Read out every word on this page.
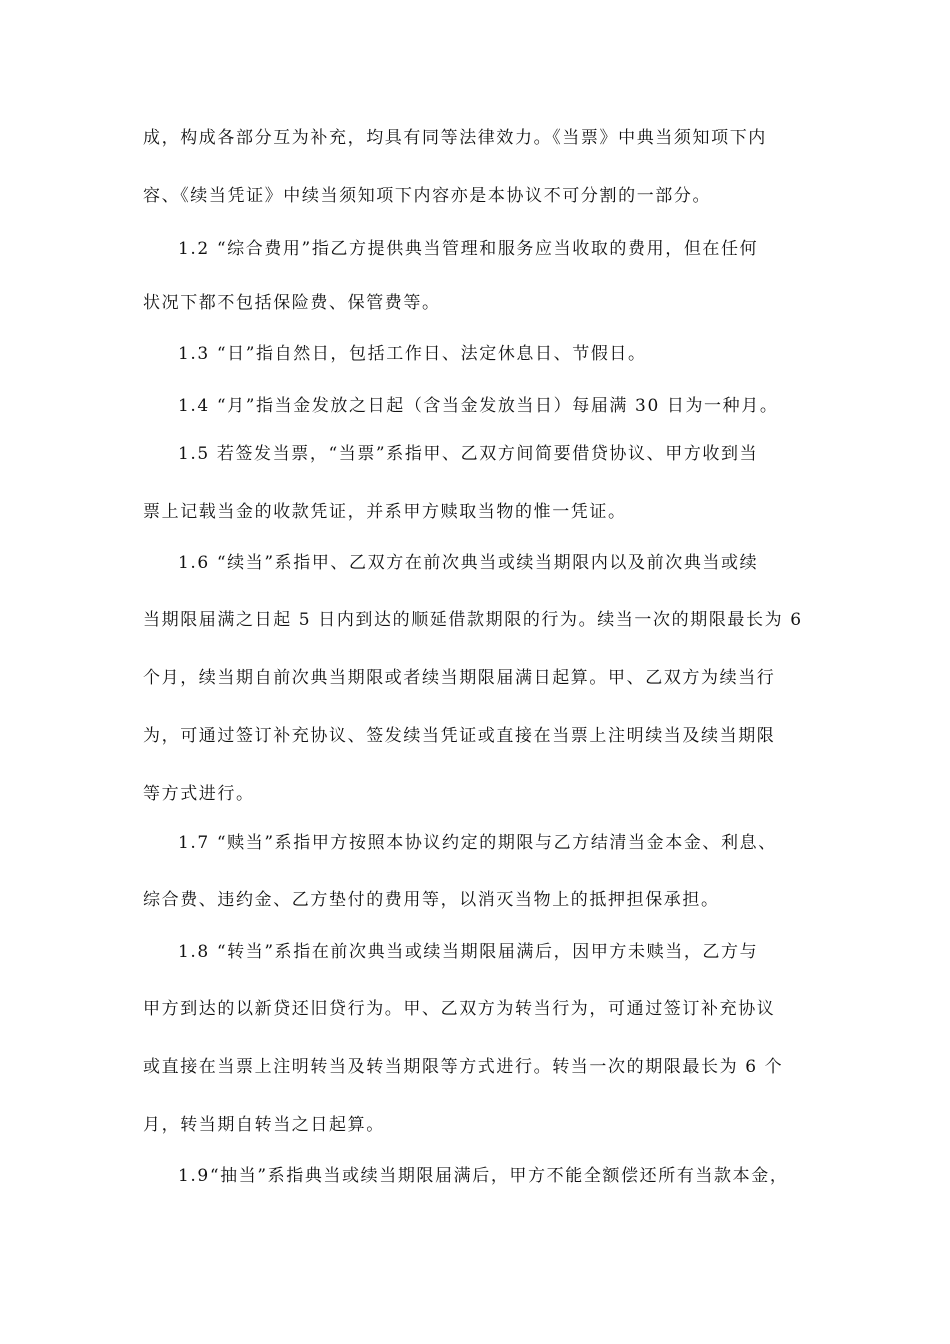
成，构成各部分互为补充，均具有同等法律效力。《当票》中典当须知项下内
容、《续当凭证》中续当须知项下内容亦是本协议不可分割的一部分。
1.2 “综合费用”指乙方提供典当管理和服务应当收取的费用，但在任何
状况下都不包括保险费、保管费等。
1.3 “日”指自然日，包括工作日、法定休息日、节假日。
1.4 “月”指当金发放之日起（含当金发放当日）每届满 30 日为一种月。
1.5 若签发当票，“当票”系指甲、乙双方间简要借贷协议、甲方收到当
票上记载当金的收款凭证，并系甲方赎取当物的惟一凭证。
1.6 “续当”系指甲、乙双方在前次典当或续当期限内以及前次典当或续
当期限届满之日起 5 日内到达的顺延借款期限的行为。续当一次的期限最长为 6
个月，续当期自前次典当期限或者续当期限届满日起算。甲、乙双方为续当行
为，可通过签订补充协议、签发续当凭证或直接在当票上注明续当及续当期限
等方式进行。
1.7 “赎当”系指甲方按照本协议约定的期限与乙方结清当金本金、利息、
综合费、违约金、乙方垫付的费用等，以消灭当物上的抵押担保承担。
1.8 “转当”系指在前次典当或续当期限届满后，因甲方未赎当，乙方与
甲方到达的以新贷还旧贷行为。甲、乙双方为转当行为，可通过签订补充协议
或直接在当票上注明转当及转当期限等方式进行。转当一次的期限最长为 6 个
月，转当期自转当之日起算。
1.9“抽当”系指典当或续当期限届满后，甲方不能全额偿还所有当款本金，
